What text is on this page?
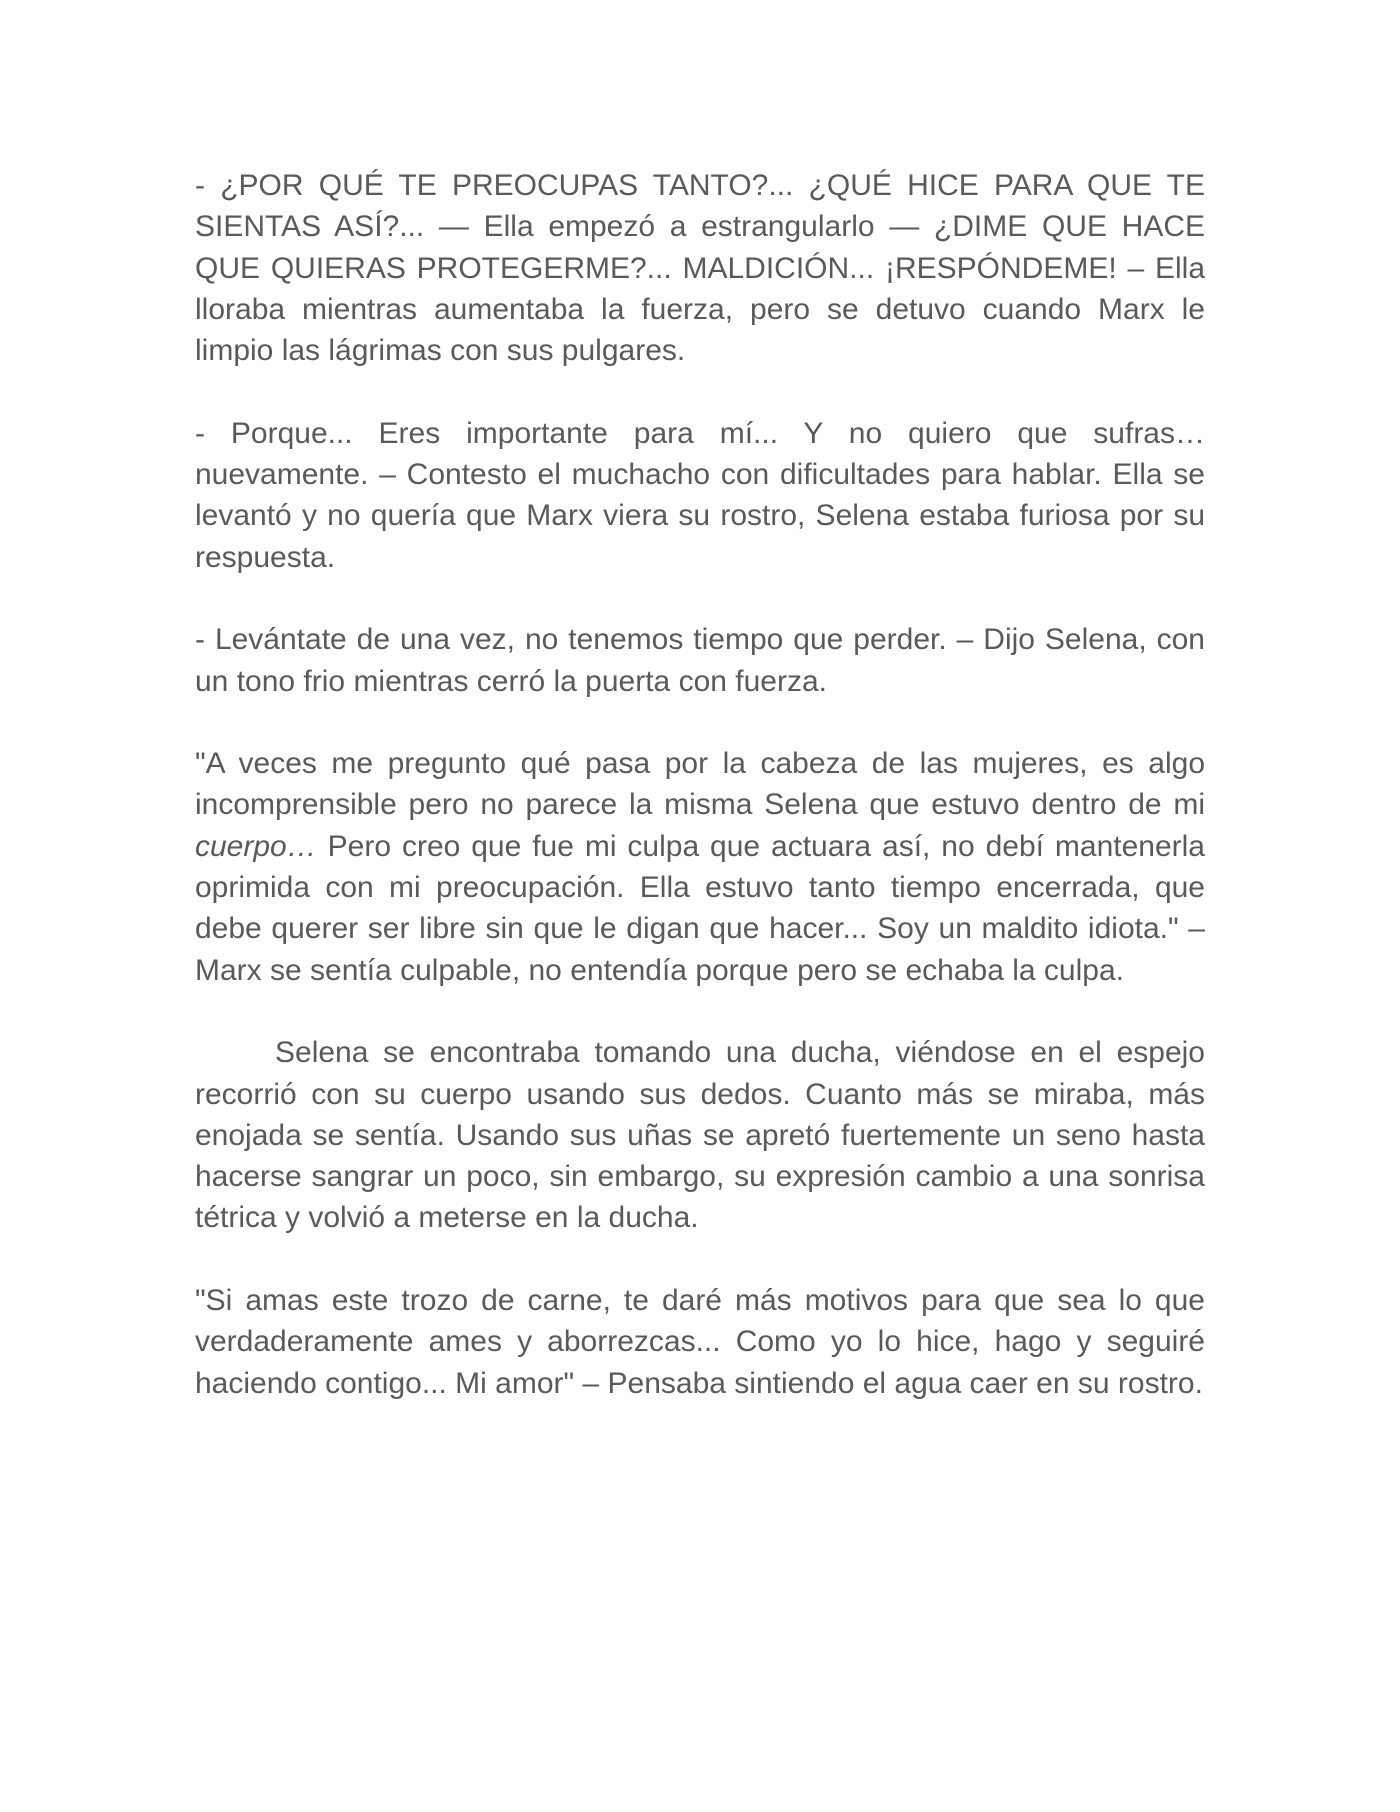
- ¿POR QUÉ TE PREOCUPAS TANTO?... ¿QUÉ HICE PARA QUE TE SIENTAS ASÍ?... — Ella empezó a estrangularlo — ¿DIME QUE HACE QUE QUIERAS PROTEGERME?... MALDICIÓN... ¡RESPÓNDEME! – Ella lloraba mientras aumentaba la fuerza, pero se detuvo cuando Marx le limpio las lágrimas con sus pulgares.

- Porque... Eres importante para mí... Y no quiero que sufras… nuevamente. – Contesto el muchacho con dificultades para hablar. Ella se levantó y no quería que Marx viera su rostro, Selena estaba furiosa por su respuesta.

- Levántate de una vez, no tenemos tiempo que perder. – Dijo Selena, con un tono frio mientras cerró la puerta con fuerza.

"A veces me pregunto qué pasa por la cabeza de las mujeres, es algo incomprensible pero no parece la misma Selena que estuvo dentro de mi cuerpo… Pero creo que fue mi culpa que actuara así, no debí mantenerla oprimida con mi preocupación. Ella estuvo tanto tiempo encerrada, que debe querer ser libre sin que le digan que hacer... Soy un maldito idiota." – Marx se sentía culpable, no entendía porque pero se echaba la culpa.

Selena se encontraba tomando una ducha, viéndose en el espejo recorrió con su cuerpo usando sus dedos. Cuanto más se miraba, más enojada se sentía. Usando sus uñas se apretó fuertemente un seno hasta hacerse sangrar un poco, sin embargo, su expresión cambio a una sonrisa tétrica y volvió a meterse en la ducha.

"Si amas este trozo de carne, te daré más motivos para que sea lo que verdaderamente ames y aborrezcas... Como yo lo hice, hago y seguiré haciendo contigo... Mi amor" – Pensaba sintiendo el agua caer en su rostro.
